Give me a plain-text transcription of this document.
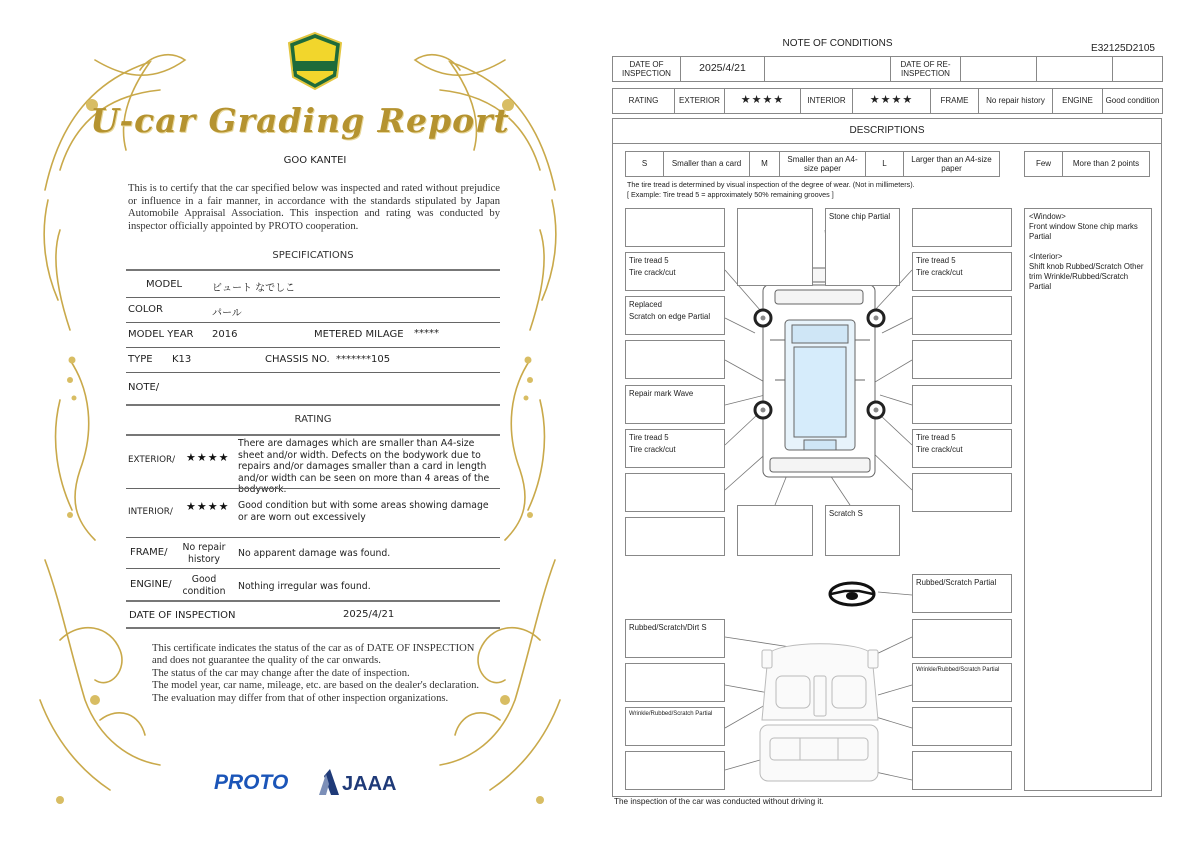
U-car Grading Report
GOO KANTEI
This is to certify that the car specified below was inspected and rated without prejudice or influence in a fair manner, in accordance with the standards stipulated by Japan Automobile Appraisal Association. This inspection and rating was conducted by inspector officially appointed by PROTO cooperation.
SPECIFICATIONS
MODEL	ビュート なでしこ
COLOR	パール
MODEL YEAR 2016	METERED MILAGE *****
TYPE K13	CHASSIS NO. *******105
NOTE/
RATING
EXTERIOR/ ★★★★
There are damages which are smaller than A4-size sheet and/or width. Defects on the bodywork due to repairs and/or damages smaller than a card in length and/or width can be seen on more than 4 areas of the bodywork.
INTERIOR/ ★★★★ Good condition but with some areas showing damage or are worn out excessively
FRAME/	No repair history	No apparent damage was found.
ENGINE/	Good condition	Nothing irregular was found.
DATE OF INSPECTION	2025/4/21
This certificate indicates the status of the car as of DATE OF INSPECTION and does not guarantee the quality of the car onwards.
The status of the car may change after the date of inspection.
The model year, car name, mileage, etc. are based on the dealer's declaration.
The evaluation may differ from that of other inspection organizations.
PROTO	JAAA
NOTE OF CONDITIONS	E32125D2105
DATE OF INSPECTION	2025/4/21		DATE OF RE-INSPECTION			
RATING	EXTERIOR	★★★★	INTERIOR	★★★★	FRAME	No repair history	ENGINE	Good condition
DESCRIPTIONS
S	Smaller than a card	M	Smaller than an A4-size paper	L	Larger than an A4-size paper
Few	More than 2 points
The tire tread is determined by visual inspection of the degree of wear. (Not in millimeters).
[ Example: Tire tread 5 = approximately 50% remaining grooves ]
Stone chip Partial
Tire tread 5
Tire crack/cut
Tire tread 5
Tire crack/cut
Replaced
Scratch on edge Partial
Repair mark Wave
Tire tread 5
Tire crack/cut
Tire tread 5
Tire crack/cut
Scratch S
Rubbed/Scratch Partial
Rubbed/Scratch/Dirt S
Wrinkle/Rubbed/Scratch Partial
Wrinkle/Rubbed/Scratch Partial

<Window>
Front window Stone chip marks Partial

<Interior>
Shift knob Rubbed/Scratch Other trim Wrinkle/Rubbed/Scratch Partial

The inspection of the car was conducted without driving it.
